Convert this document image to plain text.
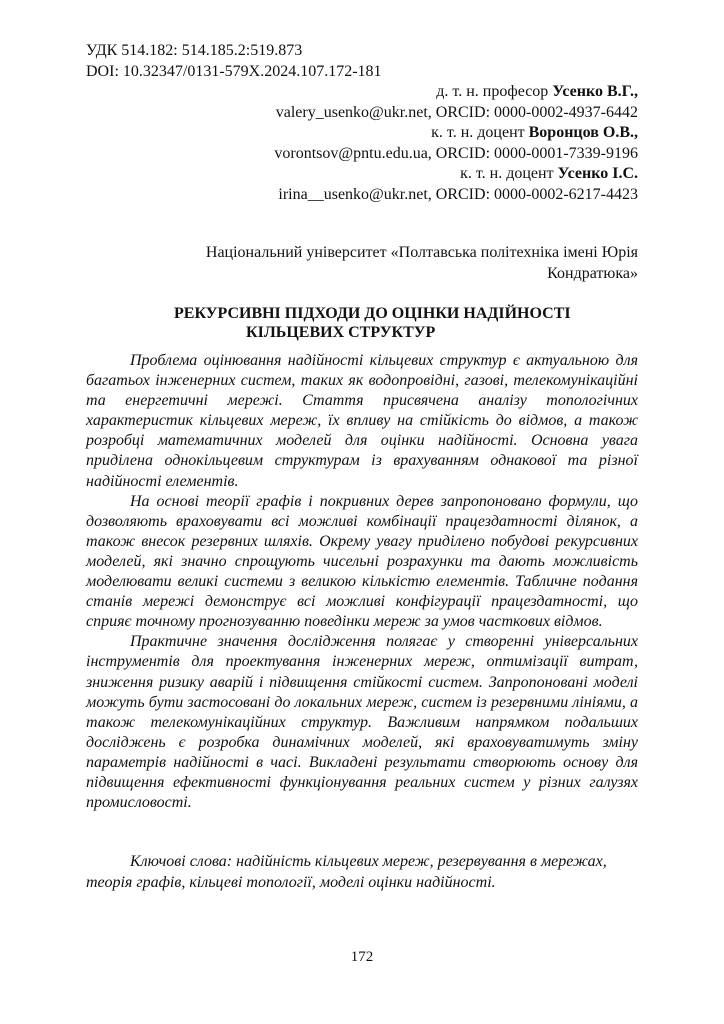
УДК 514.182: 514.185.2:519.873
DOI: 10.32347/0131-579X.2024.107.172-181
д. т. н. професор Усенко В.Г.,
valery_usenko@ukr.net, ORCID: 0000-0002-4937-6442
к. т. н. доцент Воронцов О.В.,
vorontsov@pntu.edu.ua, ORCID: 0000-0001-7339-9196
к. т. н. доцент Усенко І.С.
irina__usenko@ukr.net, ORCID: 0000-0002-6217-4423
Національний університет «Полтавська політехніка імені Юрія
Кондратюка»
РЕКУРСИВНІ ПІДХОДИ ДО ОЦІНКИ НАДІЙНОСТІ
КІЛЬЦЕВИХ СТРУКТУР

Проблема оцінювання надійності кільцевих структур є актуальною для багатьох інженерних систем, таких як водопровідні, газові, телекомунікаційні та енергетичні мережі. Стаття присвячена аналізу топологічних характеристик кільцевих мереж, їх впливу на стійкість до відмов, а також розробці математичних моделей для оцінки надійності. Основна увага приділена однокільцевим структурам із врахуванням однакової та різної надійності елементів.

На основі теорії графів і покривних дерев запропоновано формули, що дозволяють враховувати всі можливі комбінації працездатності ділянок, а також внесок резервних шляхів. Окрему увагу приділено побудові рекурсивних моделей, які значно спрощують чисельні розрахунки та дають можливість моделювати великі системи з великою кількістю елементів. Табличне подання станів мережі демонструє всі можливі конфігурації працездатності, що сприяє точному прогнозуванню поведінки мереж за умов часткових відмов.

Практичне значення дослідження полягає у створенні універсальних інструментів для проектування інженерних мереж, оптимізації витрат, зниження ризику аварій і підвищення стійкості систем. Запропоновані моделі можуть бути застосовані до локальних мереж, систем із резервними лініями, а також телекомунікаційних структур. Важливим напрямком подальших досліджень є розробка динамічних моделей, які враховуватимуть зміну параметрів надійності в часі. Викладені результати створюють основу для підвищення ефективності функціонування реальних систем у різних галузях промисловості.

Ключові слова: надійність кільцевих мереж, резервування в мережах, теорія графів, кільцеві топології, моделі оцінки надійності.

172
